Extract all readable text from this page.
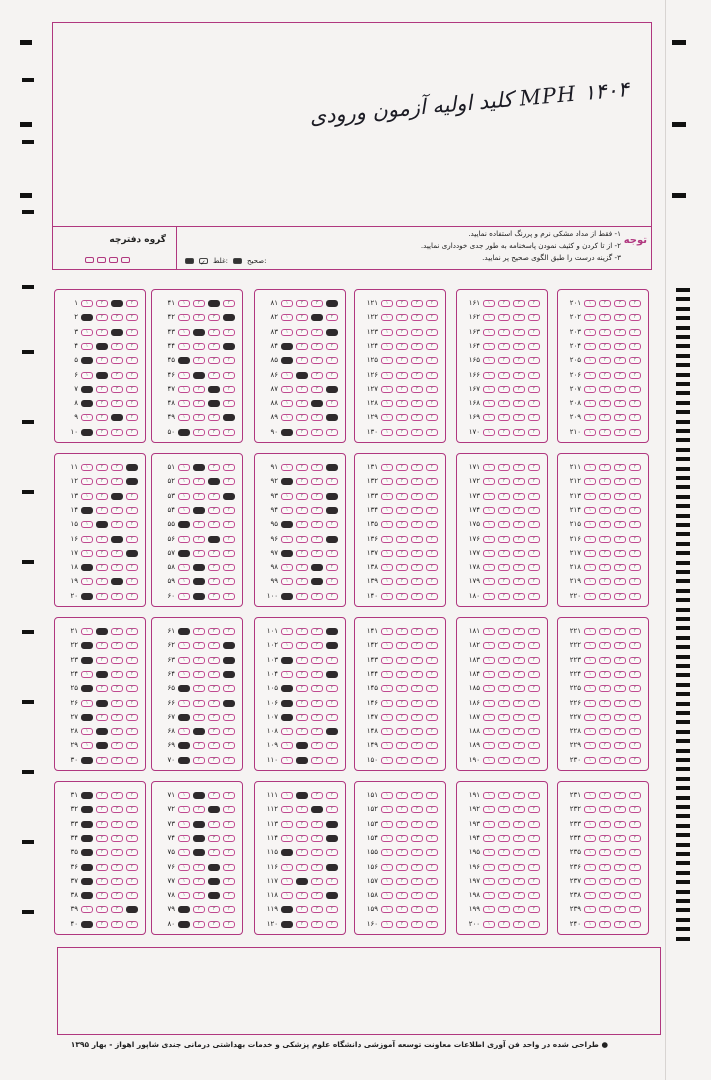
کلید اولیه آزمون ورودی MPH ۱۴۰۴
گروه دفترچه	توجه
۱- فقط از مداد مشکی نرم و پررنگ استفاده نمایید.
۲- از تا کردن و کثیف نمودن پاسخنامه به طور جدی خودداری نمایید.
۳- گزینه درست را طبق الگوی صحیح پر نمایید.
✓	غلط:	صحیح:
۱	۱	۲	۳	۴
۲	۱	۲	۳	۴
۳	۱	۲	۳	۴
۴	۱	۲	۳	۴
۵	۱	۲	۳	۴
۶	۱	۲	۳	۴
۷	۱	۲	۳	۴
۸	۱	۲	۳	۴
۹	۱	۲	۳	۴
۱۰	۱	۲	۳	۴
۴۱	۱	۲	۳	۴
۴۲	۱	۲	۳	۴
۴۳	۱	۲	۳	۴
۴۴	۱	۲	۳	۴
۴۵	۱	۲	۳	۴
۴۶	۱	۲	۳	۴
۴۷	۱	۲	۳	۴
۴۸	۱	۲	۳	۴
۴۹	۱	۲	۳	۴
۵۰	۱	۲	۳	۴
۸۱	۱	۲	۳	۴
۸۲	۱	۲	۳	۴
۸۳	۱	۲	۳	۴
۸۴	۱	۲	۳	۴
۸۵	۱	۲	۳	۴
۸۶	۱	۲	۳	۴
۸۷	۱	۲	۳	۴
۸۸	۱	۲	۳	۴
۸۹	۱	۲	۳	۴
۹۰	۱	۲	۳	۴
۱۲۱	۱	۲	۳	۴
۱۲۲	۱	۲	۳	۴
۱۲۳	۱	۲	۳	۴
۱۲۴	۱	۲	۳	۴
۱۲۵	۱	۲	۳	۴
۱۲۶	۱	۲	۳	۴
۱۲۷	۱	۲	۳	۴
۱۲۸	۱	۲	۳	۴
۱۲۹	۱	۲	۳	۴
۱۳۰	۱	۲	۳	۴
۱۶۱	۱	۲	۳	۴
۱۶۲	۱	۲	۳	۴
۱۶۳	۱	۲	۳	۴
۱۶۴	۱	۲	۳	۴
۱۶۵	۱	۲	۳	۴
۱۶۶	۱	۲	۳	۴
۱۶۷	۱	۲	۳	۴
۱۶۸	۱	۲	۳	۴
۱۶۹	۱	۲	۳	۴
۱۷۰	۱	۲	۳	۴
۲۰۱	۱	۲	۳	۴
۲۰۲	۱	۲	۳	۴
۲۰۳	۱	۲	۳	۴
۲۰۴	۱	۲	۳	۴
۲۰۵	۱	۲	۳	۴
۲۰۶	۱	۲	۳	۴
۲۰۷	۱	۲	۳	۴
۲۰۸	۱	۲	۳	۴
۲۰۹	۱	۲	۳	۴
۲۱۰	۱	۲	۳	۴
۱۱	۱	۲	۳	۴
۱۲	۱	۲	۳	۴
۱۳	۱	۲	۳	۴
۱۴	۱	۲	۳	۴
۱۵	۱	۲	۳	۴
۱۶	۱	۲	۳	۴
۱۷	۱	۲	۳	۴
۱۸	۱	۲	۳	۴
۱۹	۱	۲	۳	۴
۲۰	۱	۲	۳	۴
۵۱	۱	۲	۳	۴
۵۲	۱	۲	۳	۴
۵۳	۱	۲	۳	۴
۵۴	۱	۲	۳	۴
۵۵	۱	۲	۳	۴
۵۶	۱	۲	۳	۴
۵۷	۱	۲	۳	۴
۵۸	۱	۲	۳	۴
۵۹	۱	۲	۳	۴
۶۰	۱	۲	۳	۴
۹۱	۱	۲	۳	۴
۹۲	۱	۲	۳	۴
۹۳	۱	۲	۳	۴
۹۴	۱	۲	۳	۴
۹۵	۱	۲	۳	۴
۹۶	۱	۲	۳	۴
۹۷	۱	۲	۳	۴
۹۸	۱	۲	۳	۴
۹۹	۱	۲	۳	۴
۱۰۰	۱	۲	۳	۴
۱۳۱	۱	۲	۳	۴
۱۳۲	۱	۲	۳	۴
۱۳۳	۱	۲	۳	۴
۱۳۴	۱	۲	۳	۴
۱۳۵	۱	۲	۳	۴
۱۳۶	۱	۲	۳	۴
۱۳۷	۱	۲	۳	۴
۱۳۸	۱	۲	۳	۴
۱۳۹	۱	۲	۳	۴
۱۴۰	۱	۲	۳	۴
۱۷۱	۱	۲	۳	۴
۱۷۲	۱	۲	۳	۴
۱۷۳	۱	۲	۳	۴
۱۷۴	۱	۲	۳	۴
۱۷۵	۱	۲	۳	۴
۱۷۶	۱	۲	۳	۴
۱۷۷	۱	۲	۳	۴
۱۷۸	۱	۲	۳	۴
۱۷۹	۱	۲	۳	۴
۱۸۰	۱	۲	۳	۴
۲۱۱	۱	۲	۳	۴
۲۱۲	۱	۲	۳	۴
۲۱۳	۱	۲	۳	۴
۲۱۴	۱	۲	۳	۴
۲۱۵	۱	۲	۳	۴
۲۱۶	۱	۲	۳	۴
۲۱۷	۱	۲	۳	۴
۲۱۸	۱	۲	۳	۴
۲۱۹	۱	۲	۳	۴
۲۲۰	۱	۲	۳	۴
۲۱	۱	۲	۳	۴
۲۲	۱	۲	۳	۴
۲۳	۱	۲	۳	۴
۲۴	۱	۲	۳	۴
۲۵	۱	۲	۳	۴
۲۶	۱	۲	۳	۴
۲۷	۱	۲	۳	۴
۲۸	۱	۲	۳	۴
۲۹	۱	۲	۳	۴
۳۰	۱	۲	۳	۴
۶۱	۱	۲	۳	۴
۶۲	۱	۲	۳	۴
۶۳	۱	۲	۳	۴
۶۴	۱	۲	۳	۴
۶۵	۱	۲	۳	۴
۶۶	۱	۲	۳	۴
۶۷	۱	۲	۳	۴
۶۸	۱	۲	۳	۴
۶۹	۱	۲	۳	۴
۷۰	۱	۲	۳	۴
۱۰۱	۱	۲	۳	۴
۱۰۲	۱	۲	۳	۴
۱۰۳	۱	۲	۳	۴
۱۰۴	۱	۲	۳	۴
۱۰۵	۱	۲	۳	۴
۱۰۶	۱	۲	۳	۴
۱۰۷	۱	۲	۳	۴
۱۰۸	۱	۲	۳	۴
۱۰۹	۱	۲	۳	۴
۱۱۰	۱	۲	۳	۴
۱۴۱	۱	۲	۳	۴
۱۴۲	۱	۲	۳	۴
۱۴۳	۱	۲	۳	۴
۱۴۴	۱	۲	۳	۴
۱۴۵	۱	۲	۳	۴
۱۴۶	۱	۲	۳	۴
۱۴۷	۱	۲	۳	۴
۱۴۸	۱	۲	۳	۴
۱۴۹	۱	۲	۳	۴
۱۵۰	۱	۲	۳	۴
۱۸۱	۱	۲	۳	۴
۱۸۲	۱	۲	۳	۴
۱۸۳	۱	۲	۳	۴
۱۸۴	۱	۲	۳	۴
۱۸۵	۱	۲	۳	۴
۱۸۶	۱	۲	۳	۴
۱۸۷	۱	۲	۳	۴
۱۸۸	۱	۲	۳	۴
۱۸۹	۱	۲	۳	۴
۱۹۰	۱	۲	۳	۴
۲۲۱	۱	۲	۳	۴
۲۲۲	۱	۲	۳	۴
۲۲۳	۱	۲	۳	۴
۲۲۴	۱	۲	۳	۴
۲۲۵	۱	۲	۳	۴
۲۲۶	۱	۲	۳	۴
۲۲۷	۱	۲	۳	۴
۲۲۸	۱	۲	۳	۴
۲۲۹	۱	۲	۳	۴
۲۳۰	۱	۲	۳	۴
۳۱	۱	۲	۳	۴
۳۲	۱	۲	۳	۴
۳۳	۱	۲	۳	۴
۳۴	۱	۲	۳	۴
۳۵	۱	۲	۳	۴
۳۶	۱	۲	۳	۴
۳۷	۱	۲	۳	۴
۳۸	۱	۲	۳	۴
۳۹	۱	۲	۳	۴
۴۰	۱	۲	۳	۴
۷۱	۱	۲	۳	۴
۷۲	۱	۲	۳	۴
۷۳	۱	۲	۳	۴
۷۴	۱	۲	۳	۴
۷۵	۱	۲	۳	۴
۷۶	۱	۲	۳	۴
۷۷	۱	۲	۳	۴
۷۸	۱	۲	۳	۴
۷۹	۱	۲	۳	۴
۸۰	۱	۲	۳	۴
۱۱۱	۱	۲	۳	۴
۱۱۲	۱	۲	۳	۴
۱۱۳	۱	۲	۳	۴
۱۱۴	۱	۲	۳	۴
۱۱۵	۱	۲	۳	۴
۱۱۶	۱	۲	۳	۴
۱۱۷	۱	۲	۳	۴
۱۱۸	۱	۲	۳	۴
۱۱۹	۱	۲	۳	۴
۱۲۰	۱	۲	۳	۴
۱۵۱	۱	۲	۳	۴
۱۵۲	۱	۲	۳	۴
۱۵۳	۱	۲	۳	۴
۱۵۴	۱	۲	۳	۴
۱۵۵	۱	۲	۳	۴
۱۵۶	۱	۲	۳	۴
۱۵۷	۱	۲	۳	۴
۱۵۸	۱	۲	۳	۴
۱۵۹	۱	۲	۳	۴
۱۶۰	۱	۲	۳	۴
۱۹۱	۱	۲	۳	۴
۱۹۲	۱	۲	۳	۴
۱۹۳	۱	۲	۳	۴
۱۹۴	۱	۲	۳	۴
۱۹۵	۱	۲	۳	۴
۱۹۶	۱	۲	۳	۴
۱۹۷	۱	۲	۳	۴
۱۹۸	۱	۲	۳	۴
۱۹۹	۱	۲	۳	۴
۲۰۰	۱	۲	۳	۴
۲۳۱	۱	۲	۳	۴
۲۳۲	۱	۲	۳	۴
۲۳۳	۱	۲	۳	۴
۲۳۴	۱	۲	۳	۴
۲۳۵	۱	۲	۳	۴
۲۳۶	۱	۲	۳	۴
۲۳۷	۱	۲	۳	۴
۲۳۸	۱	۲	۳	۴
۲۳۹	۱	۲	۳	۴
۲۴۰	۱	۲	۳	۴
● طراحی شده در واحد فن آوری اطلاعات معاونت توسعه آموزشی دانشگاه علوم پزشکی و خدمات بهداشتی درمانی جندی شاپور اهواز - بهار ۱۳۹۵
